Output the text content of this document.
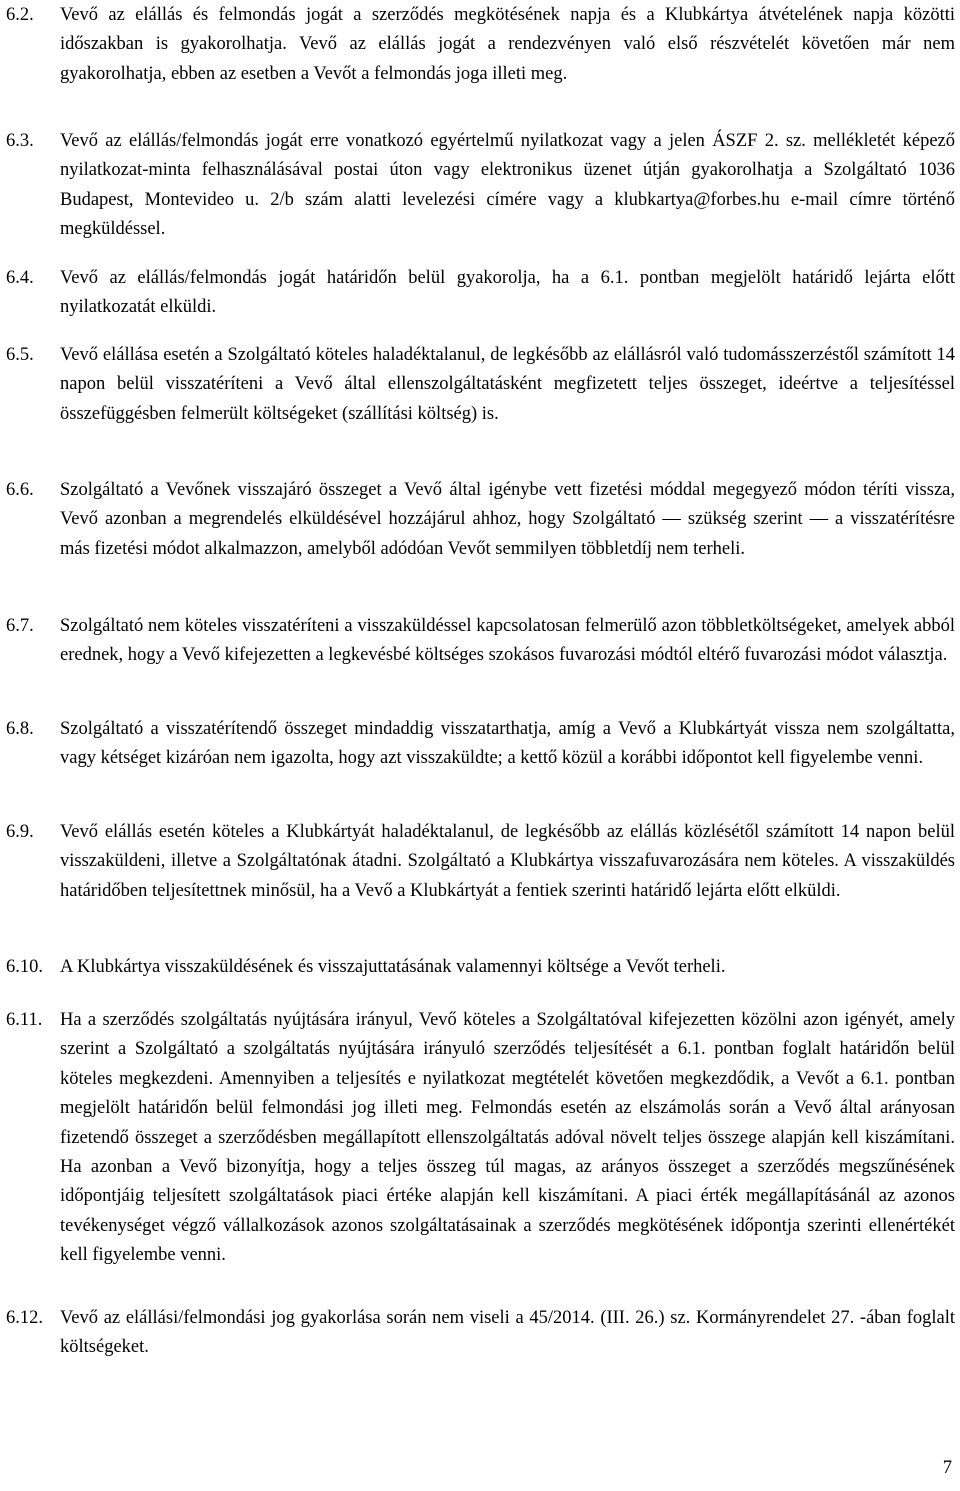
6.2. Vevő az elállás és felmondás jogát a szerződés megkötésének napja és a Klubkártya átvételének napja közötti időszakban is gyakorolhatja. Vevő az elállás jogát a rendezvényen való első részvételét követően már nem gyakorolhatja, ebben az esetben a Vevőt a felmondás joga illeti meg.
6.3. Vevő az elállás/felmondás jogát erre vonatkozó egyértelmű nyilatkozat vagy a jelen ÁSZF 2. sz. mellékletét képező nyilatkozat-minta felhasználásával postai úton vagy elektronikus üzenet útján gyakorolhatja a Szolgáltató 1036 Budapest, Montevideo u. 2/b szám alatti levelezési címére vagy a klubkartya@forbes.hu e-mail címre történő megküldéssel.
6.4. Vevő az elállás/felmondás jogát határidőn belül gyakorolja, ha a 6.1. pontban megjelölt határidő lejárta előtt nyilatkozatát elküldi.
6.5. Vevő elállása esetén a Szolgáltató köteles haladéktalanul, de legkésőbb az elállásról való tudomásszerzéstől számított 14 napon belül visszatéríteni a Vevő által ellenszolgáltatásként megfizetett teljes összeget, ideértve a teljesítéssel összefüggésben felmerült költségeket (szállítási költség) is.
6.6. Szolgáltató a Vevőnek visszajáró összeget a Vevő által igénybe vett fizetési móddal megegyező módon téríti vissza, Vevő azonban a megrendelés elküldésével hozzájárul ahhoz, hogy Szolgáltató — szükség szerint — a visszatérítésre más fizetési módot alkalmazzon, amelyből adódóan Vevőt semmilyen többletdíj nem terheli.
6.7. Szolgáltató nem köteles visszatéríteni a visszaküldéssel kapcsolatosan felmerülő azon többletköltségeket, amelyek abból erednek, hogy a Vevő kifejezetten a legkevésbé költséges szokásos fuvarozási módtól eltérő fuvarozási módot választja.
6.8. Szolgáltató a visszatérítendő összeget mindaddig visszatarthatja, amíg a Vevő a Klubkártyát vissza nem szolgáltatta, vagy kétséget kizáróan nem igazolta, hogy azt visszaküldte; a kettő közül a korábbi időpontot kell figyelembe venni.
6.9. Vevő elállás esetén köteles a Klubkártyát haladéktalanul, de legkésőbb az elállás közlésétől számított 14 napon belül visszaküldeni, illetve a Szolgáltatónak átadni. Szolgáltató a Klubkártya visszafuvarozására nem köteles. A visszaküldés határidőben teljesítettnek minősül, ha a Vevő a Klubkártyát a fentiek szerinti határidő lejárta előtt elküldi.
6.10. A Klubkártya visszaküldésének és visszajuttatásának valamennyi költsége a Vevőt terheli.
6.11. Ha a szerződés szolgáltatás nyújtására irányul, Vevő köteles a Szolgáltatóval kifejezetten közölni azon igényét, amely szerint a Szolgáltató a szolgáltatás nyújtására irányuló szerződés teljesítését a 6.1. pontban foglalt határidőn belül köteles megkezdeni. Amennyiben a teljesítés e nyilatkozat megtételét követően megkezdődik, a Vevőt a 6.1. pontban megjelölt határidőn belül felmondási jog illeti meg. Felmondás esetén az elszámolás során a Vevő által arányosan fizetendő összeget a szerződésben megállapított ellenszolgáltatás adóval növelt teljes összege alapján kell kiszámítani. Ha azonban a Vevő bizonyítja, hogy a teljes összeg túl magas, az arányos összeget a szerződés megszűnésének időpontjáig teljesített szolgáltatások piaci értéke alapján kell kiszámítani. A piaci érték megállapításánál az azonos tevékenységet végző vállalkozások azonos szolgáltatásainak a szerződés megkötésének időpontja szerinti ellenértékét kell figyelembe venni.
6.12. Vevő az elállási/felmondási jog gyakorlása során nem viseli a 45/2014. (III. 26.) sz. Kormányrendelet 27. -ában foglalt költségeket.
7
